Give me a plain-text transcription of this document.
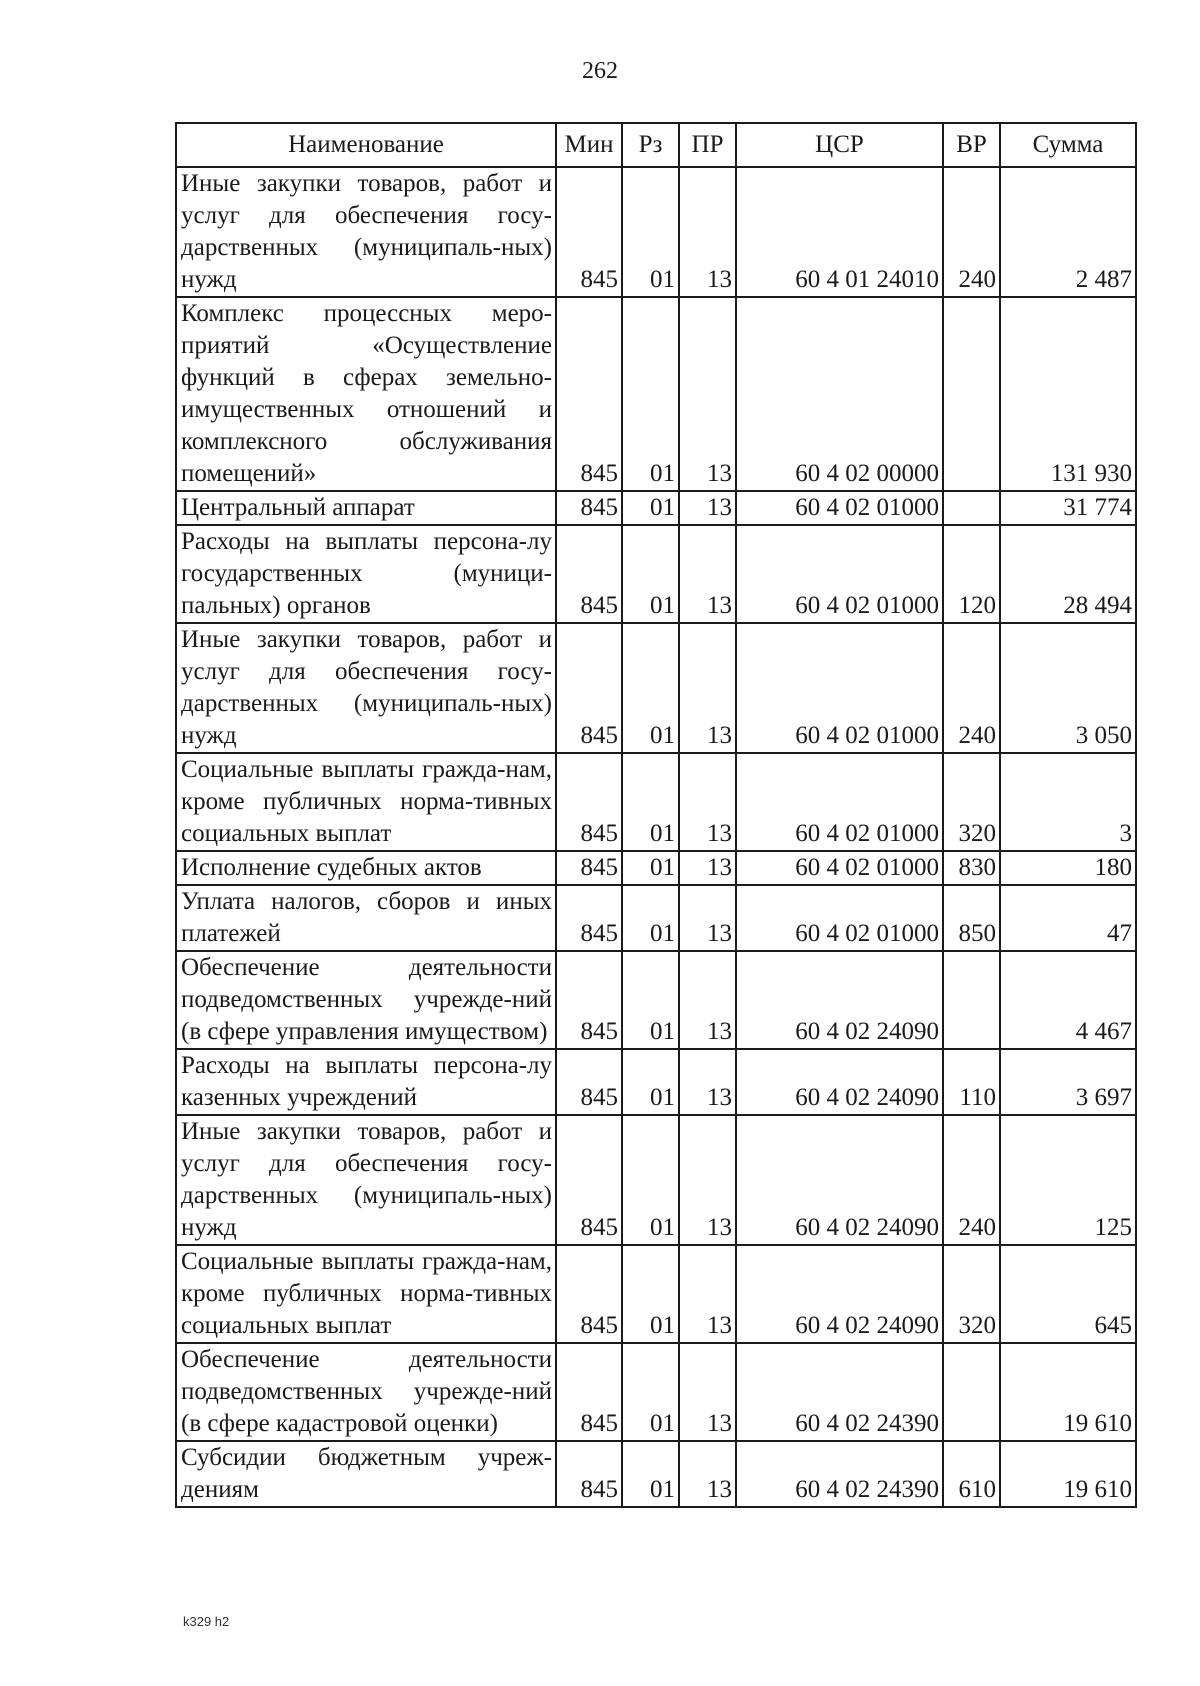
262
Наименование	Мин	Рз	ПР	ЦСР	ВР	Сумма
Иные закупки товаров, работ и услуг для обеспечения госу-дарственных (муниципаль-ных) нужд	845	01	13	60 4 01 24010	240	2 487
Комплекс процессных меро-приятий «Осуществление функций в сферах земельно-имущественных отношений и комплексного обслуживания помещений»	845	01	13	60 4 02 00000		131 930
Центральный аппарат	845	01	13	60 4 02 01000		31 774
Расходы на выплаты персона-лу государственных (муници-пальных) органов	845	01	13	60 4 02 01000	120	28 494
Иные закупки товаров, работ и услуг для обеспечения госу-дарственных (муниципаль-ных) нужд	845	01	13	60 4 02 01000	240	3 050
Социальные выплаты гражда-нам, кроме публичных норма-тивных социальных выплат	845	01	13	60 4 02 01000	320	3
Исполнение судебных актов	845	01	13	60 4 02 01000	830	180
Уплата налогов, сборов и иных платежей	845	01	13	60 4 02 01000	850	47
Обеспечение деятельности подведомственных учрежде-ний (в сфере управления имуществом)	845	01	13	60 4 02 24090		4 467
Расходы на выплаты персона-лу казенных учреждений	845	01	13	60 4 02 24090	110	3 697
Иные закупки товаров, работ и услуг для обеспечения госу-дарственных (муниципаль-ных) нужд	845	01	13	60 4 02 24090	240	125
Социальные выплаты гражда-нам, кроме публичных норма-тивных социальных выплат	845	01	13	60 4 02 24090	320	645
Обеспечение деятельности подведомственных учрежде-ний (в сфере кадастровой оценки)	845	01	13	60 4 02 24390		19 610
Субсидии бюджетным учреж-дениям	845	01	13	60 4 02 24390	610	19 610
k329 h2
